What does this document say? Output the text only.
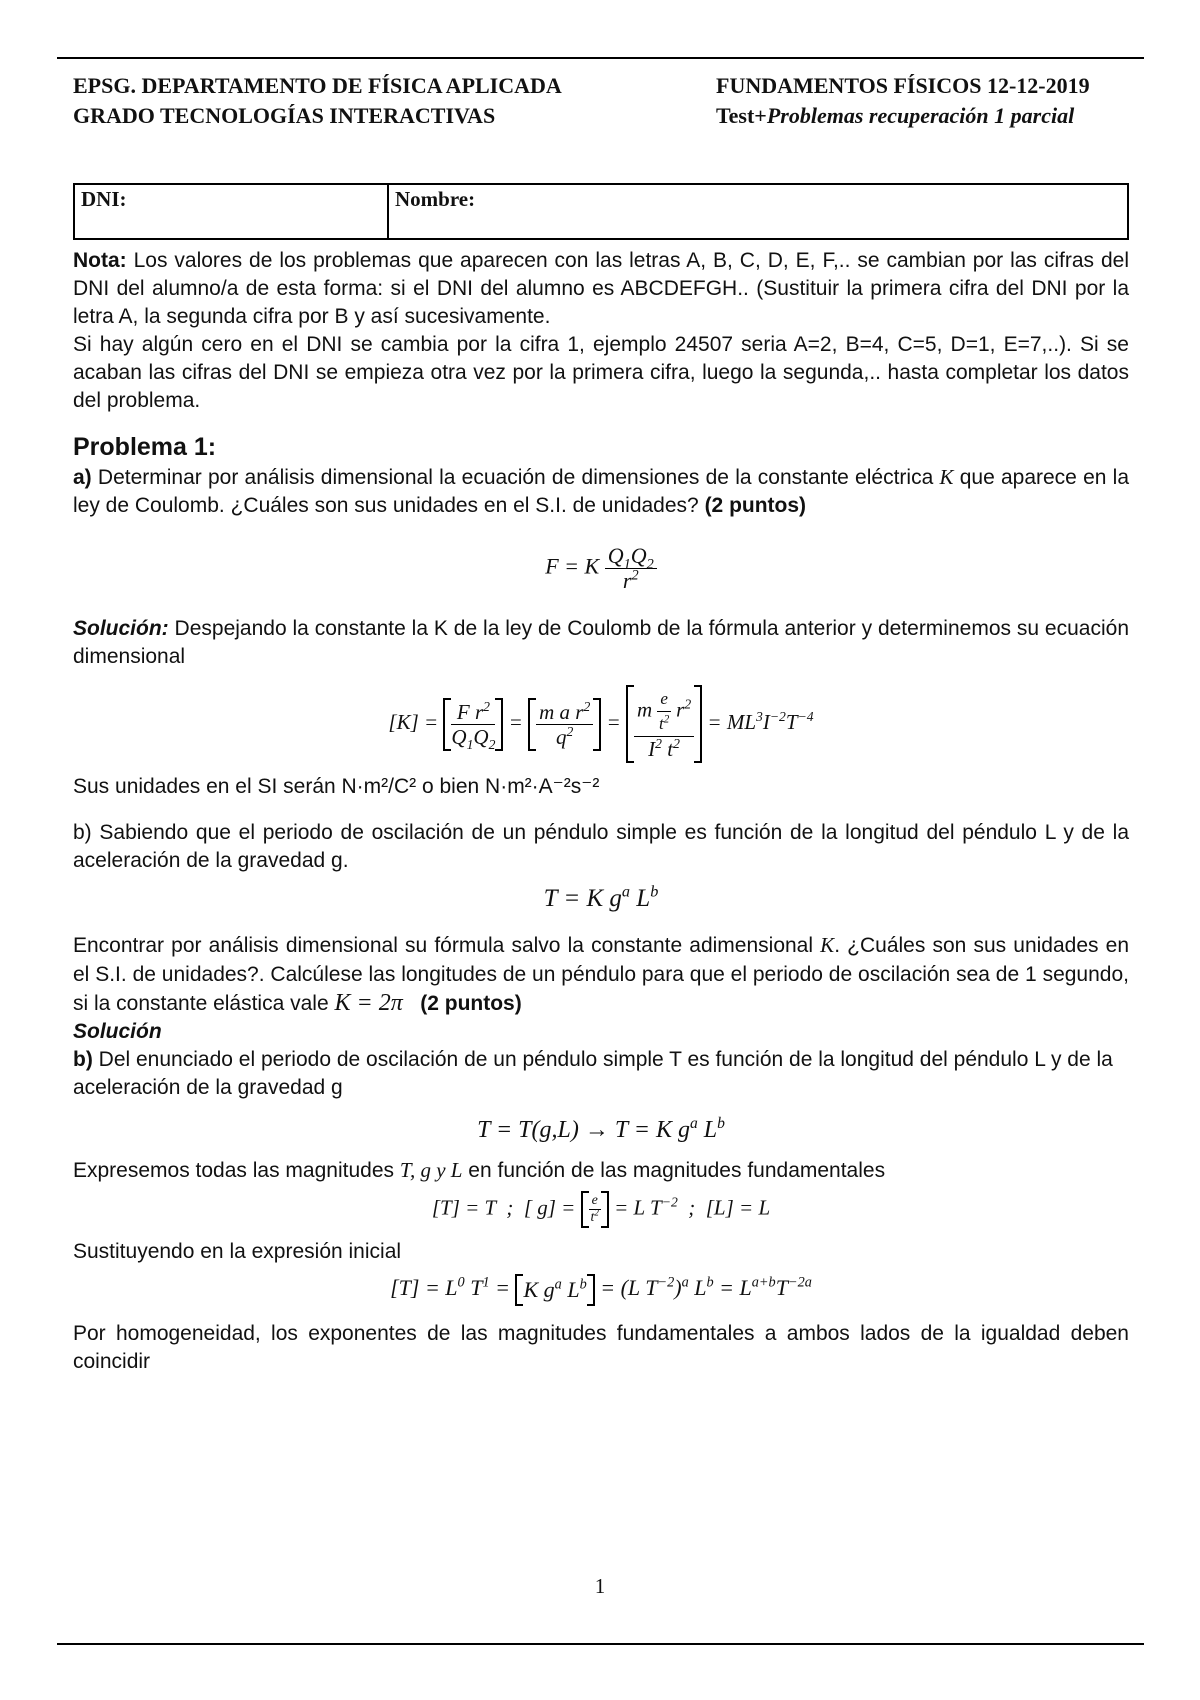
EPSG. DEPARTAMENTO DE FÍSICA APLICADA
GRADO TECNOLOGÍAS INTERACTIVAS
FUNDAMENTOS FÍSICOS 12-12-2019
Test+Problemas recuperación 1 parcial
DNI:	Nombre:

Nota: Los valores de los problemas que aparecen con las letras A, B, C, D, E, F,.. se cambian por las cifras del DNI del alumno/a de esta forma: si el DNI del alumno es ABCDEFGH.. (Sustituir la primera cifra del DNI por la letra A, la segunda cifra por B y así sucesivamente.

Si hay algún cero en el DNI se cambia por la cifra 1, ejemplo 24507 seria A=2, B=4, C=5, D=1, E=7,..). Si se acaban las cifras del DNI se empieza otra vez por la primera cifra, luego la segunda,.. hasta completar los datos del problema.

Problema 1:

a) Determinar por análisis dimensional la ecuación de dimensiones de la constante eléctrica K que aparece en la ley de Coulomb. ¿Cuáles son sus unidades en el S.I. de unidades? (2 puntos)

F = K $\frac{Q_1Q_2}{r^2}$

Solución: Despejando la constante la K de la ley de Coulomb de la fórmula anterior y determinemos su ecuación dimensional

$[K] = \frac{F r^2}{Q_1Q_2} = \frac{m a r^2}{q^2} = \frac{m \frac{e}{t^2} r^2}{I^2 t^2} = ML^3I^{-2}T^{-4}$

Sus unidades en el SI serán N·m²/C² o bien N·m²·A⁻²s⁻²

b) Sabiendo que el periodo de oscilación de un péndulo simple es función de la longitud del péndulo L y de la aceleración de la gravedad g.

T = K $g^a$ $L^b$

Encontrar por análisis dimensional su fórmula salvo la constante adimensional K. ¿Cuáles son sus unidades en el S.I. de unidades?. Calcúlese las longitudes de un péndulo para que el periodo de oscilación sea de 1 segundo, si la constante elástica vale K = 2π (2 puntos)

Solución

b) Del enunciado el periodo de oscilación de un péndulo simple T es función de la longitud del péndulo L y de la aceleración de la gravedad g

T = T(g,L) → T = K $g^a$ $L^b$

Expresemos todas las magnitudes T, g y L en función de las magnitudes fundamentales

[T] = T  ;  [ $g] = \frac{e}{t^2} = L$ $T^{-2}$  ;  [L] = L

Sustituyendo en la expresión inicial

$[T] = L^0$ $T^1 = K$ $g^a$ $L^b = (L$ $T^{-2})^a$ $L^b = L^{a+b}T^{-2a}$

Por homogeneidad, los exponentes de las magnitudes fundamentales a ambos lados de la igualdad deben coincidir

1
